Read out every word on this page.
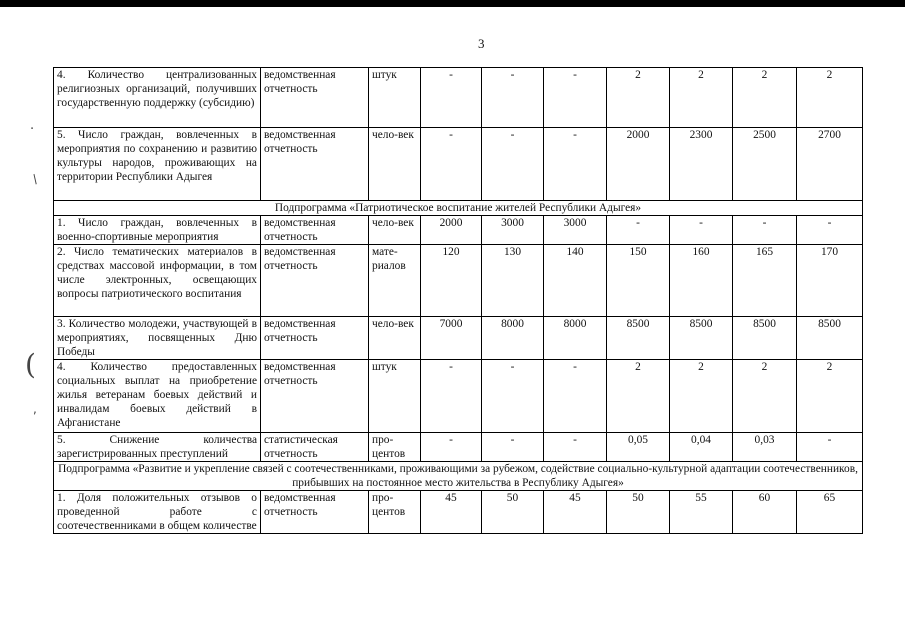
3
.
/
(
,
4. Количество централизованных религиозных организаций, получивших государственную поддержку (субсидию)	ведомственная отчетность	штук	-	-	-	2	2	2	2
5. Число граждан, вовлеченных в мероприятия по сохранению и развитию культуры народов, проживающих на территории Республики Адыгея	ведомственная отчетность	чело-век	-	-	-	2000	2300	2500	2700
Подпрограмма «Патриотическое воспитание жителей Республики Адыгея»									
1. Число граждан, вовлеченных в военно-спортивные мероприятия	ведомственная отчетность	чело-век	2000	3000	3000	-	-	-	-
2. Число тематических материалов в средствах массовой информации, в том числе электронных, освещающих вопросы патриотического воспитания	ведомственная отчетность	мате-риалов	120	130	140	150	160	165	170
3. Количество молодежи, участвующей в мероприятиях, посвященных Дню Победы	ведомственная отчетность	чело-век	7000	8000	8000	8500	8500	8500	8500
4. Количество предоставленных социальных выплат на приобретение жилья ветеранам боевых действий и инвалидам боевых действий в Афганистане	ведомственная отчетность	штук	-	-	-	2	2	2	2
5. Снижение количества зарегистрированных преступлений	статистическая отчетность	про-центов	-	-	-	0,05	0,04	0,03	-
Подпрограмма «Развитие и укрепление связей с соотечественниками, проживающими за рубежом, содействие социально-культурной адаптации соотечественников, прибывших на постоянное место жительства в Республику Адыгея»									
1. Доля положительных отзывов о проведенной работе с соотечественниками в общем количестве	ведомственная отчетность	про-центов	45	50	45	50	55	60	65
